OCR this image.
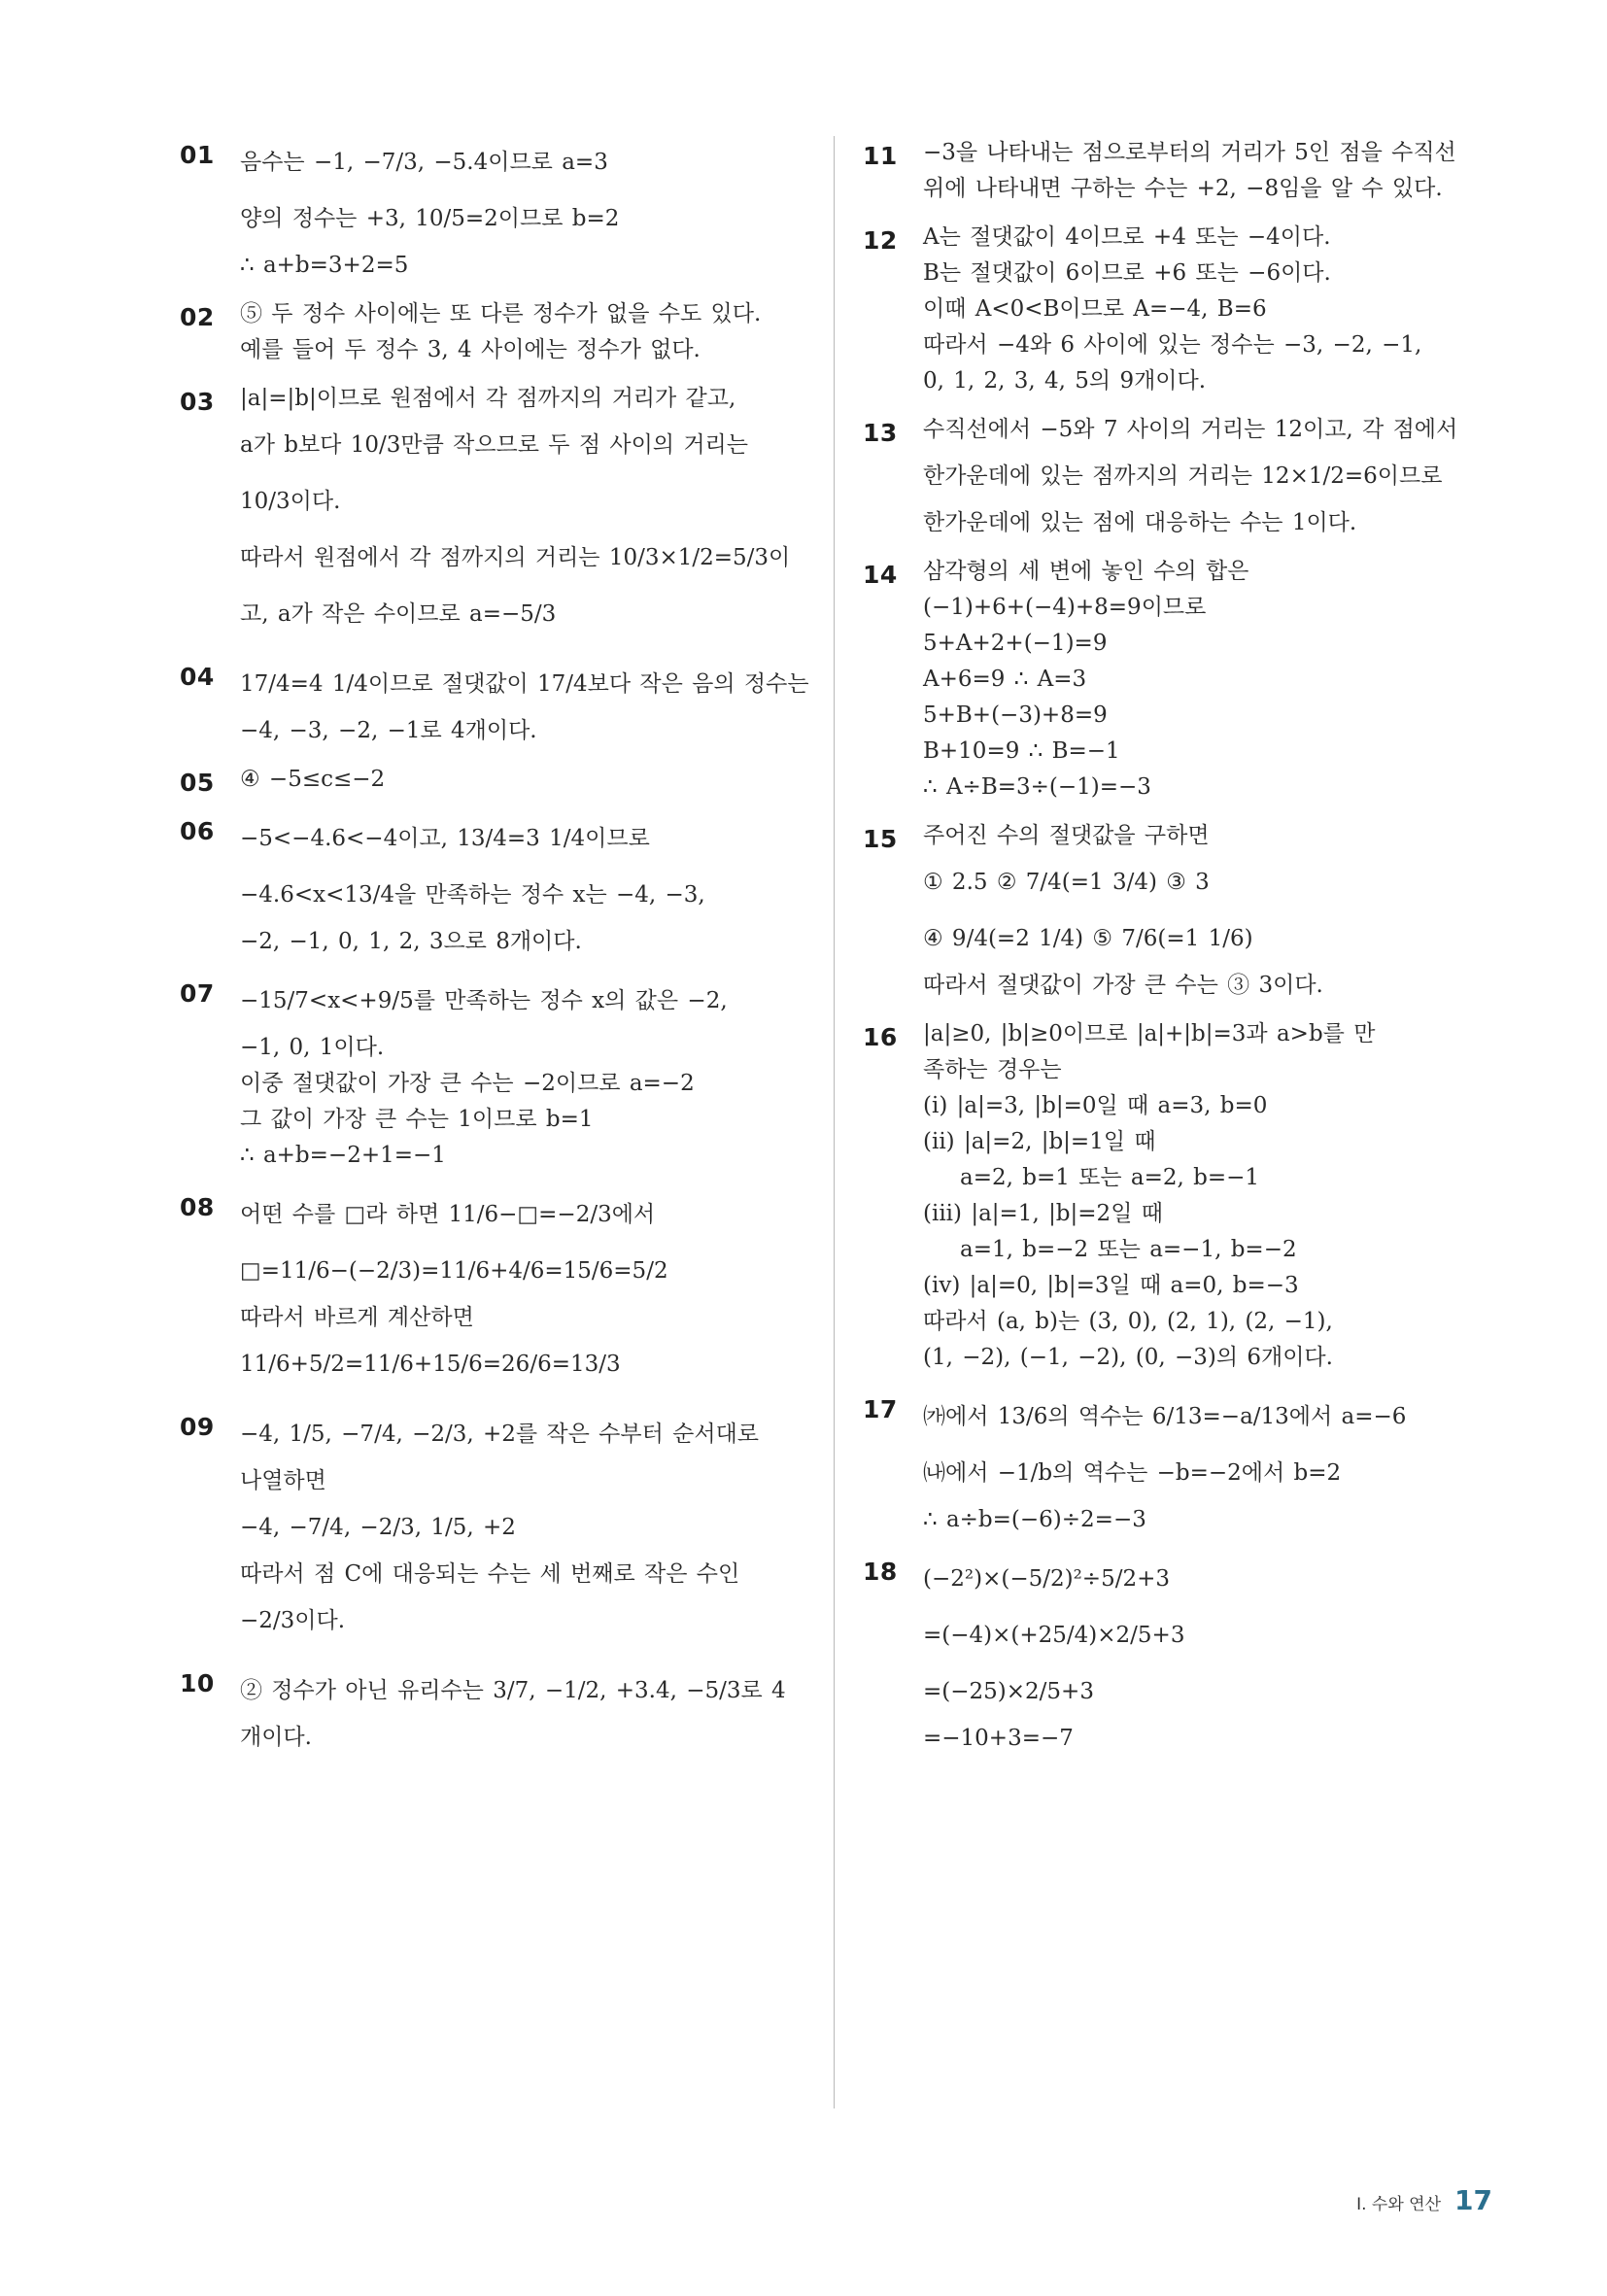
01 음수는 −1, −7/3, −5.4이므로 a=3
양의 정수는 +3, 10/5=2이므로 b=2
∴ a+b=3+2=5
02 ⑤ 두 정수 사이에는 또 다른 정수가 없을 수도 있다.
예를 들어 두 정수 3, 4 사이에는 정수가 없다.
03 |a|=|b|이므로 원점에서 각 점까지의 거리가 같고,
a가 b보다 10/3만큼 작으므로 두 점 사이의 거리는
10/3이다.
따라서 원점에서 각 점까지의 거리는 10/3×1/2=5/3이
고, a가 작은 수이므로 a=−5/3
04 17/4=4 1/4이므로 절댓값이 17/4보다 작은 음의 정수는
−4, −3, −2, −1로 4개이다.
05 ④ −5≤c≤−2
06 −5<−4.6<−4이고, 13/4=3 1/4이므로
−4.6<x<13/4을 만족하는 정수 x는 −4, −3,
−2, −1, 0, 1, 2, 3으로 8개이다.
07 −15/7<x<+9/5를 만족하는 정수 x의 값은 −2,
−1, 0, 1이다.
이중 절댓값이 가장 큰 수는 −2이므로 a=−2
그 값이 가장 큰 수는 1이므로 b=1
∴ a+b=−2+1=−1
08 어떤 수를 □라 하면 11/6−□=−2/3에서
□=11/6−(−2/3)=11/6+4/6=15/6=5/2
따라서 바르게 계산하면
11/6+5/2=11/6+15/6=26/6=13/3
09 −4, 1/5, −7/4, −2/3, +2를 작은 수부터 순서대로
나열하면
−4, −7/4, −2/3, 1/5, +2
따라서 점 C에 대응되는 수는 세 번째로 작은 수인
−2/3이다.
10 ② 정수가 아닌 유리수는 3/7, −1/2, +3.4, −5/3로 4
개이다.
11 −3을 나타내는 점으로부터의 거리가 5인 점을 수직선
위에 나타내면 구하는 수는 +2, −8임을 알 수 있다.
12 A는 절댓값이 4이므로 +4 또는 −4이다.
B는 절댓값이 6이므로 +6 또는 −6이다.
이때 A<0<B이므로 A=−4, B=6
따라서 −4와 6 사이에 있는 정수는 −3, −2, −1,
0, 1, 2, 3, 4, 5의 9개이다.
13 수직선에서 −5와 7 사이의 거리는 12이고, 각 점에서
한가운데에 있는 점까지의 거리는 12×1/2=6이므로
한가운데에 있는 점에 대응하는 수는 1이다.
14 삼각형의 세 변에 놓인 수의 합은
(−1)+6+(−4)+8=9이므로
5+A+2+(−1)=9
A+6=9 ∴ A=3
5+B+(−3)+8=9
B+10=9 ∴ B=−1
∴ A÷B=3÷(−1)=−3
15 주어진 수의 절댓값을 구하면
① 2.5 ② 7/4(=1 3/4) ③ 3
④ 9/4(=2 1/4) ⑤ 7/6(=1 1/6)
따라서 절댓값이 가장 큰 수는 ③ 3이다.
16 |a|≥0, |b|≥0이므로 |a|+|b|=3과 a>b를 만
족하는 경우는
(i) |a|=3, |b|=0일 때 a=3, b=0
(ii) |a|=2, |b|=1일 때
a=2, b=1 또는 a=2, b=−1
(iii) |a|=1, |b|=2일 때
a=1, b=−2 또는 a=−1, b=−2
(iv) |a|=0, |b|=3일 때 a=0, b=−3
따라서 (a, b)는 (3, 0), (2, 1), (2, −1),
(1, −2), (−1, −2), (0, −3)의 6개이다.
17 ㈎에서 13/6의 역수는 6/13=−a/13에서 a=−6
㈏에서 −1/b의 역수는 −b=−2에서 b=2
∴ a÷b=(−6)÷2=−3
18 (−2²)×(−5/2)²÷5/2+3
=(−4)×(+25/4)×2/5+3
=(−25)×2/5+3
=−10+3=−7
Ⅰ. 수와 연산 17
